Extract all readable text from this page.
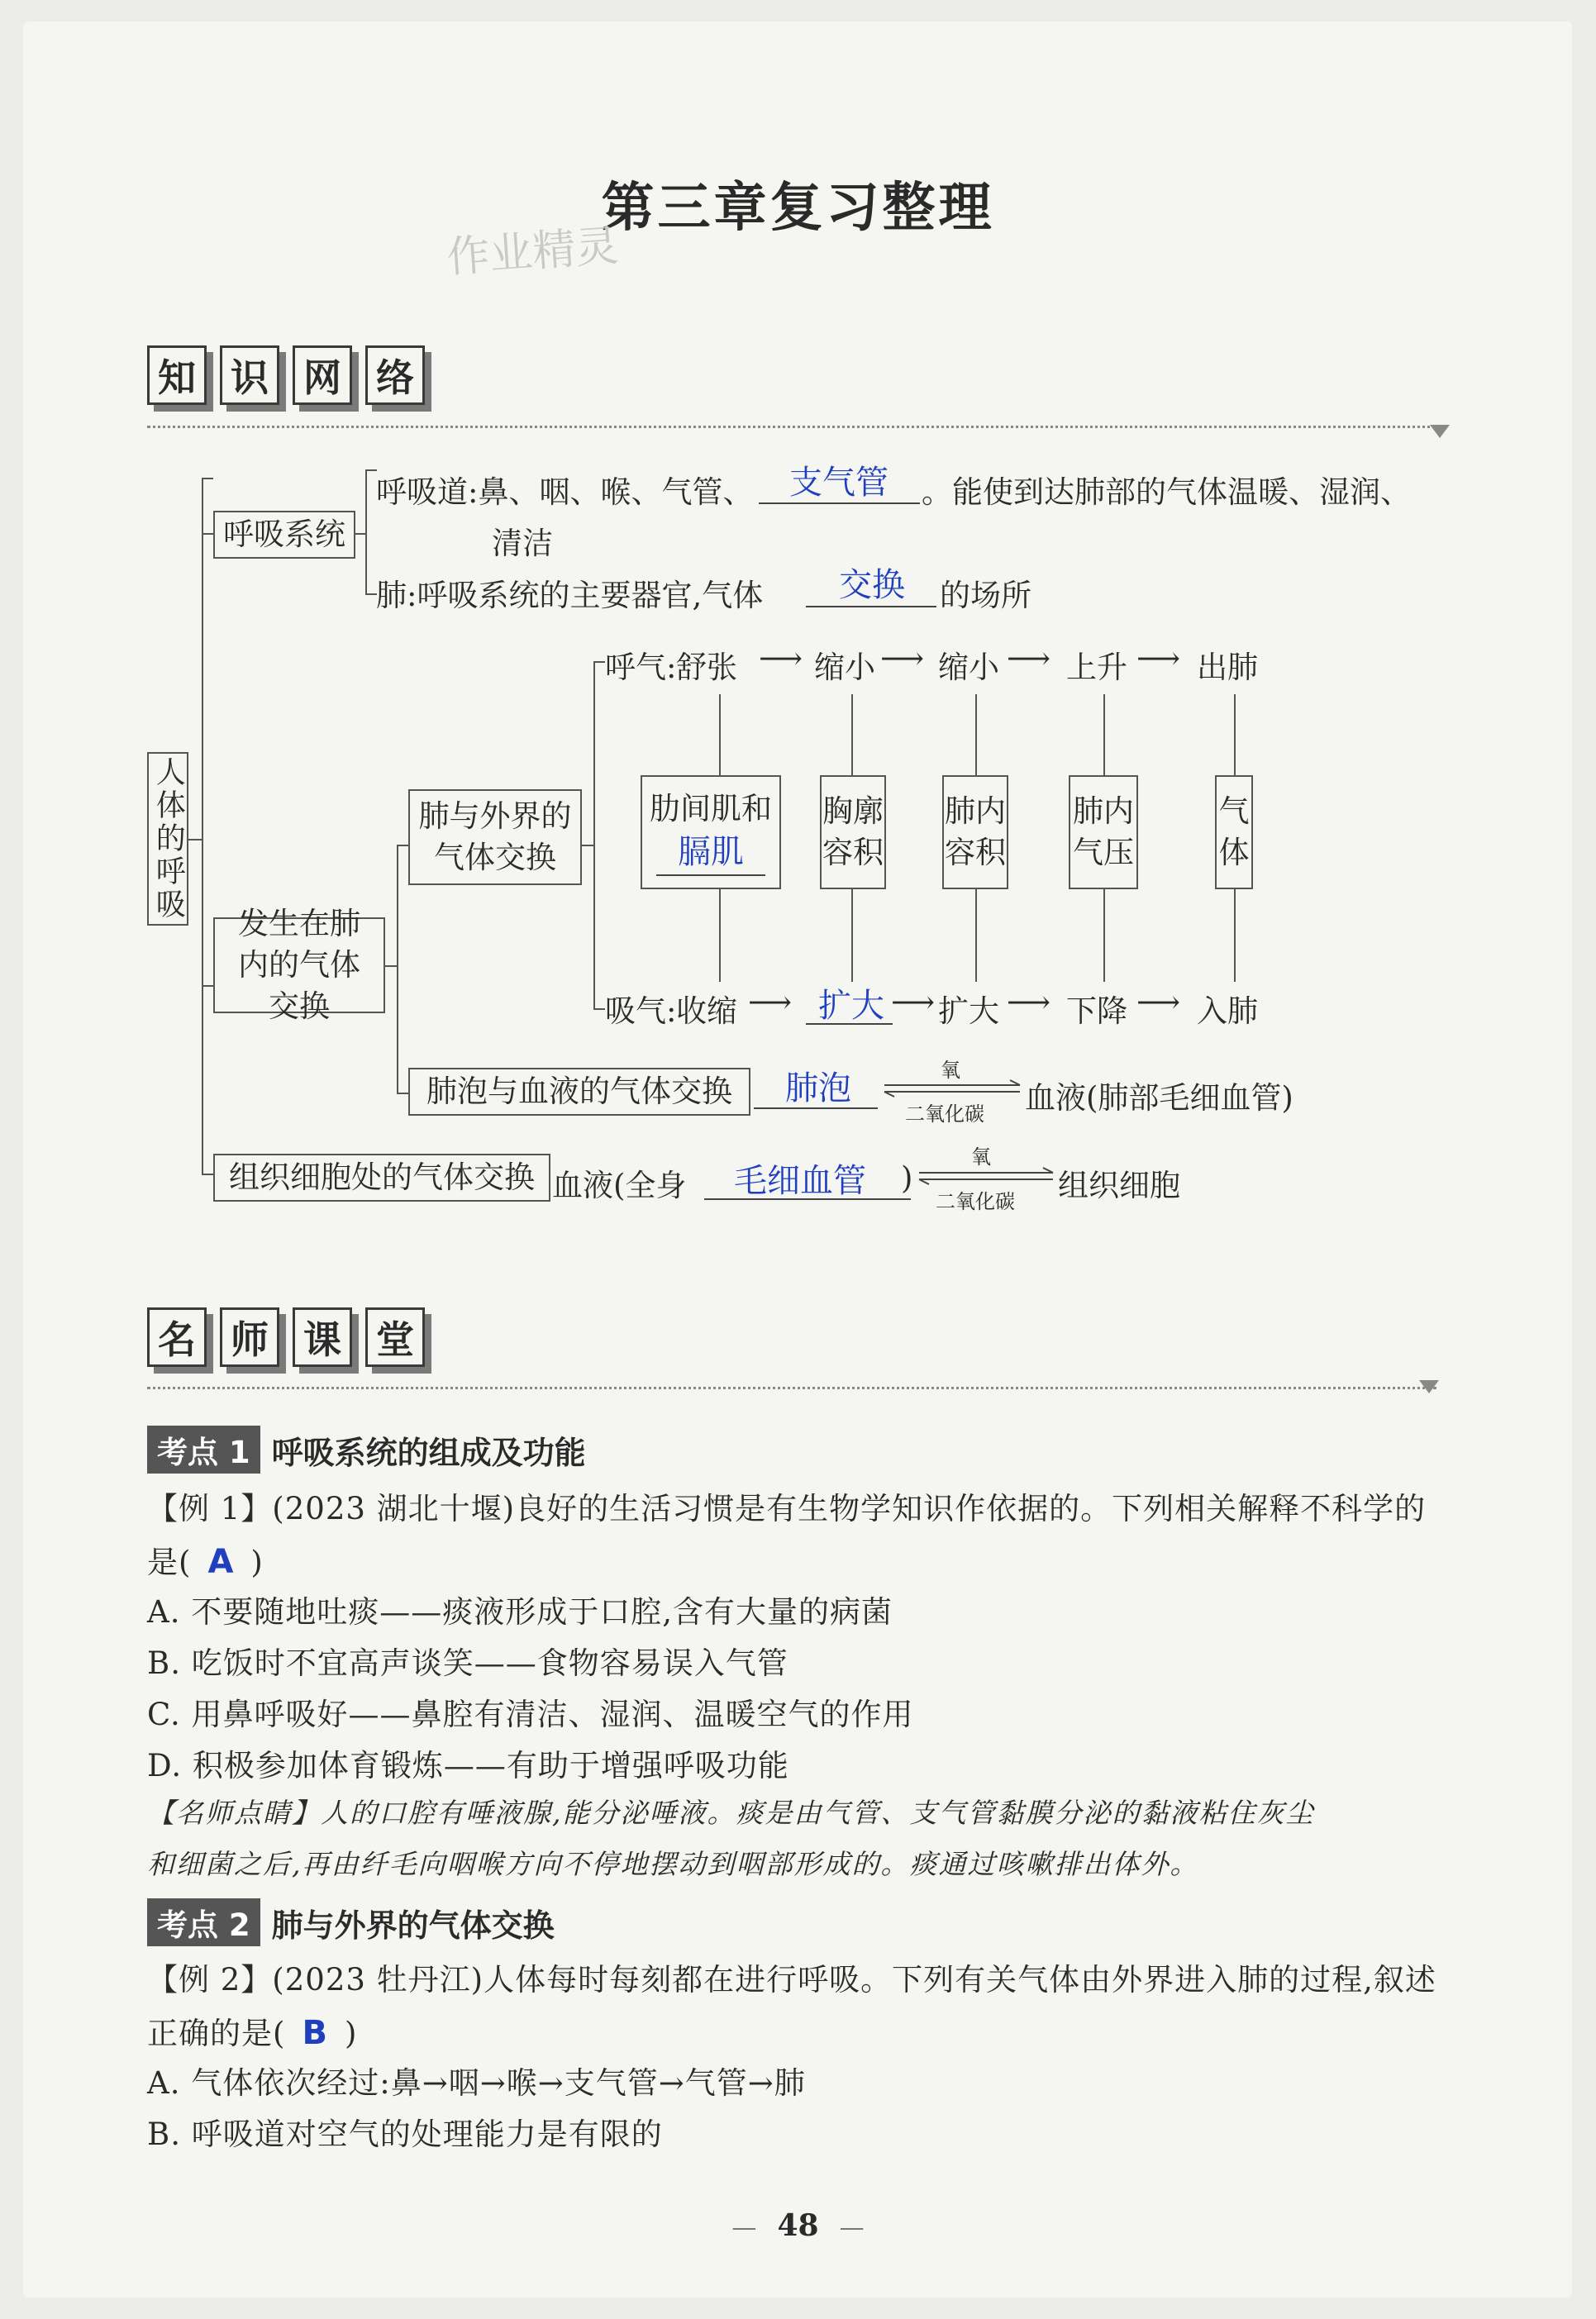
第三章复习整理
作业精灵
知 识 网 络
人体的呼吸
呼吸系统
呼吸道:鼻、咽、喉、气管、 支气管 。能使到达肺部的气体温暖、湿润、
清洁
肺:呼吸系统的主要器官,气体 交换 的场所
发生在肺内的气体交换
肺与外界的
气体交换
呼气: 舒张 ⟶ 缩小 ⟶ 缩小 ⟶ 上升 ⟶ 出肺
肋间肌和
膈肌
胸廓
容积
肺内
容积
肺内
气压
气
体
吸气: 收缩 ⟶ 扩大 ⟶ 扩大 ⟶ 下降 ⟶ 入肺
肺泡与血液的气体交换	肺泡	氧
二氧化碳 血液(肺部毛细血管)
组织细胞处的气体交换 血液(全身 毛细血管 )
氧
二氧化碳 组织细胞
名 师 课 堂
考点 1 呼吸系统的组成及功能
【例 1】(2023 湖北十堰)良好的生活习惯是有生物学知识作依据的。下列相关解释不科学的
是( A )
A. 不要随地吐痰——痰液形成于口腔,含有大量的病菌
B. 吃饭时不宜高声谈笑——食物容易误入气管
C. 用鼻呼吸好——鼻腔有清洁、湿润、温暖空气的作用
D. 积极参加体育锻炼——有助于增强呼吸功能
【名师点睛】人的口腔有唾液腺,能分泌唾液。痰是由气管、支气管黏膜分泌的黏液粘住灰尘
和细菌之后,再由纤毛向咽喉方向不停地摆动到咽部形成的。痰通过咳嗽排出体外。
考点 2 肺与外界的气体交换
【例 2】(2023 牡丹江)人体每时每刻都在进行呼吸。下列有关气体由外界进入肺的过程,叙述
正确的是( B )
A. 气体依次经过:鼻→咽→喉→支气管→气管→肺
B. 呼吸道对空气的处理能力是有限的
— 48 —
